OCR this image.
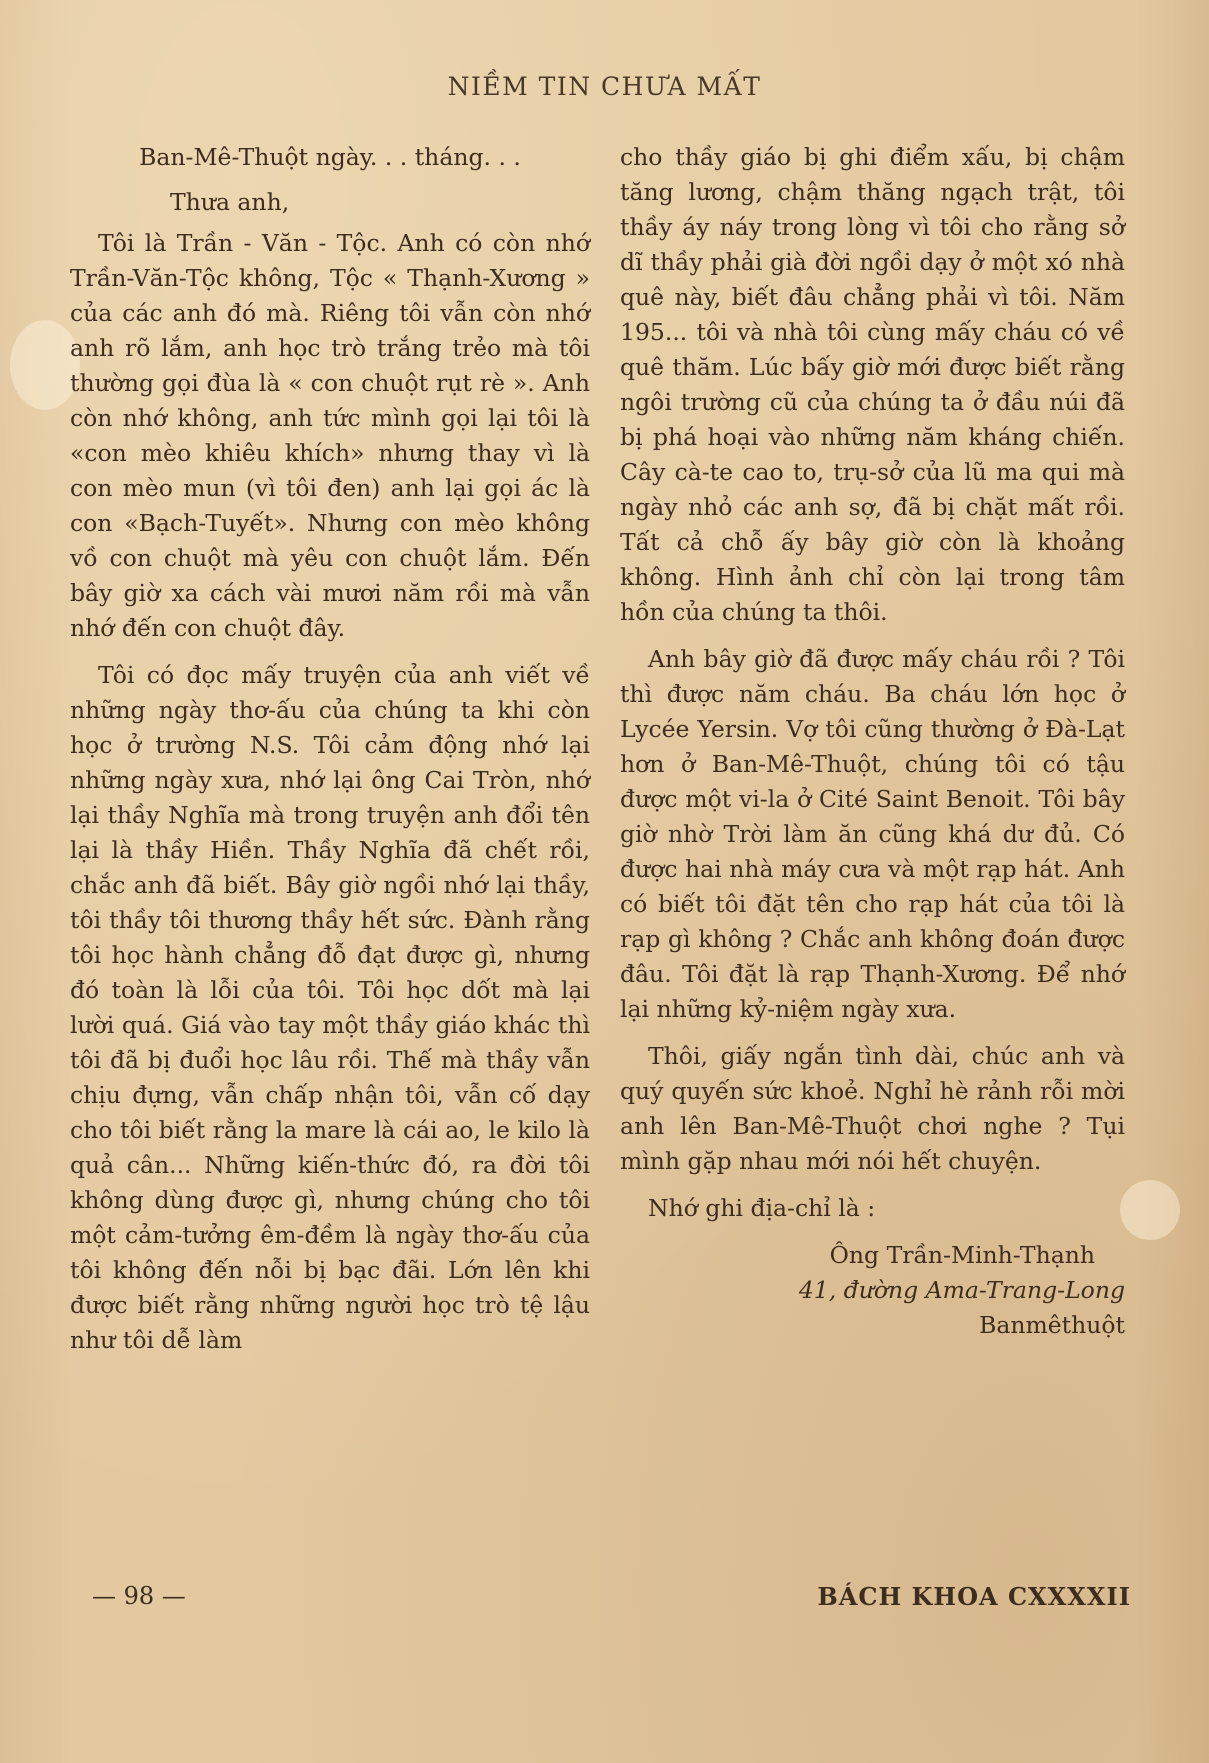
NIỀM TIN CHƯA MẤT

Ban-Mê-Thuột ngày. . . tháng. . .

Thưa anh,

Tôi là Trần - Văn - Tộc. Anh có còn nhớ Trần-Văn-Tộc không, Tộc « Thạnh-Xương » của các anh đó mà. Riêng tôi vẫn còn nhớ anh rõ lắm, anh học trò trắng trẻo mà tôi thường gọi đùa là « con chuột rụt rè ». Anh còn nhớ không, anh tức mình gọi lại tôi là «con mèo khiêu khích» nhưng thay vì là con mèo mun (vì tôi đen) anh lại gọi ác là con «Bạch-Tuyết». Nhưng con mèo không vồ con chuột mà yêu con chuột lắm. Đến bây giờ xa cách vài mươi năm rồi mà vẫn nhớ đến con chuột đây.

Tôi có đọc mấy truyện của anh viết về những ngày thơ-ấu của chúng ta khi còn học ở trường N.S. Tôi cảm động nhớ lại những ngày xưa, nhớ lại ông Cai Tròn, nhớ lại thầy Nghĩa mà trong truyện anh đổi tên lại là thầy Hiền. Thầy Nghĩa đã chết rồi, chắc anh đã biết. Bây giờ ngồi nhớ lại thầy, tôi thầy tôi thương thầy hết sức. Đành rằng tôi học hành chẳng đỗ đạt được gì, nhưng đó toàn là lỗi của tôi. Tôi học dốt mà lại lười quá. Giá vào tay một thầy giáo khác thì tôi đã bị đuổi học lâu rồi. Thế mà thầy vẫn chịu đựng, vẫn chấp nhận tôi, vẫn cố dạy cho tôi biết rằng la mare là cái ao, le kilo là quả cân... Những kiến-thức đó, ra đời tôi không dùng được gì, nhưng chúng cho tôi một cảm-tưởng êm-đềm là ngày thơ-ấu của tôi không đến nỗi bị bạc đãi. Lớn lên khi được biết rằng những người học trò tệ lậu như tôi dễ làm

cho thầy giáo bị ghi điểm xấu, bị chậm tăng lương, chậm thăng ngạch trật, tôi thầy áy náy trong lòng vì tôi cho rằng sở dĩ thầy phải già đời ngồi dạy ở một xó nhà quê này, biết đâu chẳng phải vì tôi. Năm 195... tôi và nhà tôi cùng mấy cháu có về quê thăm. Lúc bấy giờ mới được biết rằng ngôi trường cũ của chúng ta ở đầu núi đã bị phá hoại vào những năm kháng chiến. Cây cà-te cao to, trụ-sở của lũ ma qui mà ngày nhỏ các anh sợ, đã bị chặt mất rồi. Tất cả chỗ ấy bây giờ còn là khoảng không. Hình ảnh chỉ còn lại trong tâm hồn của chúng ta thôi.

Anh bây giờ đã được mấy cháu rồi ? Tôi thì được năm cháu. Ba cháu lớn học ở Lycée Yersin. Vợ tôi cũng thường ở Đà-Lạt hơn ở Ban-Mê-Thuột, chúng tôi có tậu được một vi-la ở Cité Saint Benoit. Tôi bây giờ nhờ Trời làm ăn cũng khá dư đủ. Có được hai nhà máy cưa và một rạp hát. Anh có biết tôi đặt tên cho rạp hát của tôi là rạp gì không ? Chắc anh không đoán được đâu. Tôi đặt là rạp Thạnh-Xương. Để nhớ lại những kỷ-niệm ngày xưa.

Thôi, giấy ngắn tình dài, chúc anh và quý quyến sức khoẻ. Nghỉ hè rảnh rỗi mời anh lên Ban-Mê-Thuột chơi nghe ? Tụi mình gặp nhau mới nói hết chuyện.

Nhớ ghi địa-chỉ là :

Ông Trần-Minh-Thạnh

41, đường Ama-Trang-Long

Banmêthuột

— 98 —	BÁCH KHOA CXXXXII
